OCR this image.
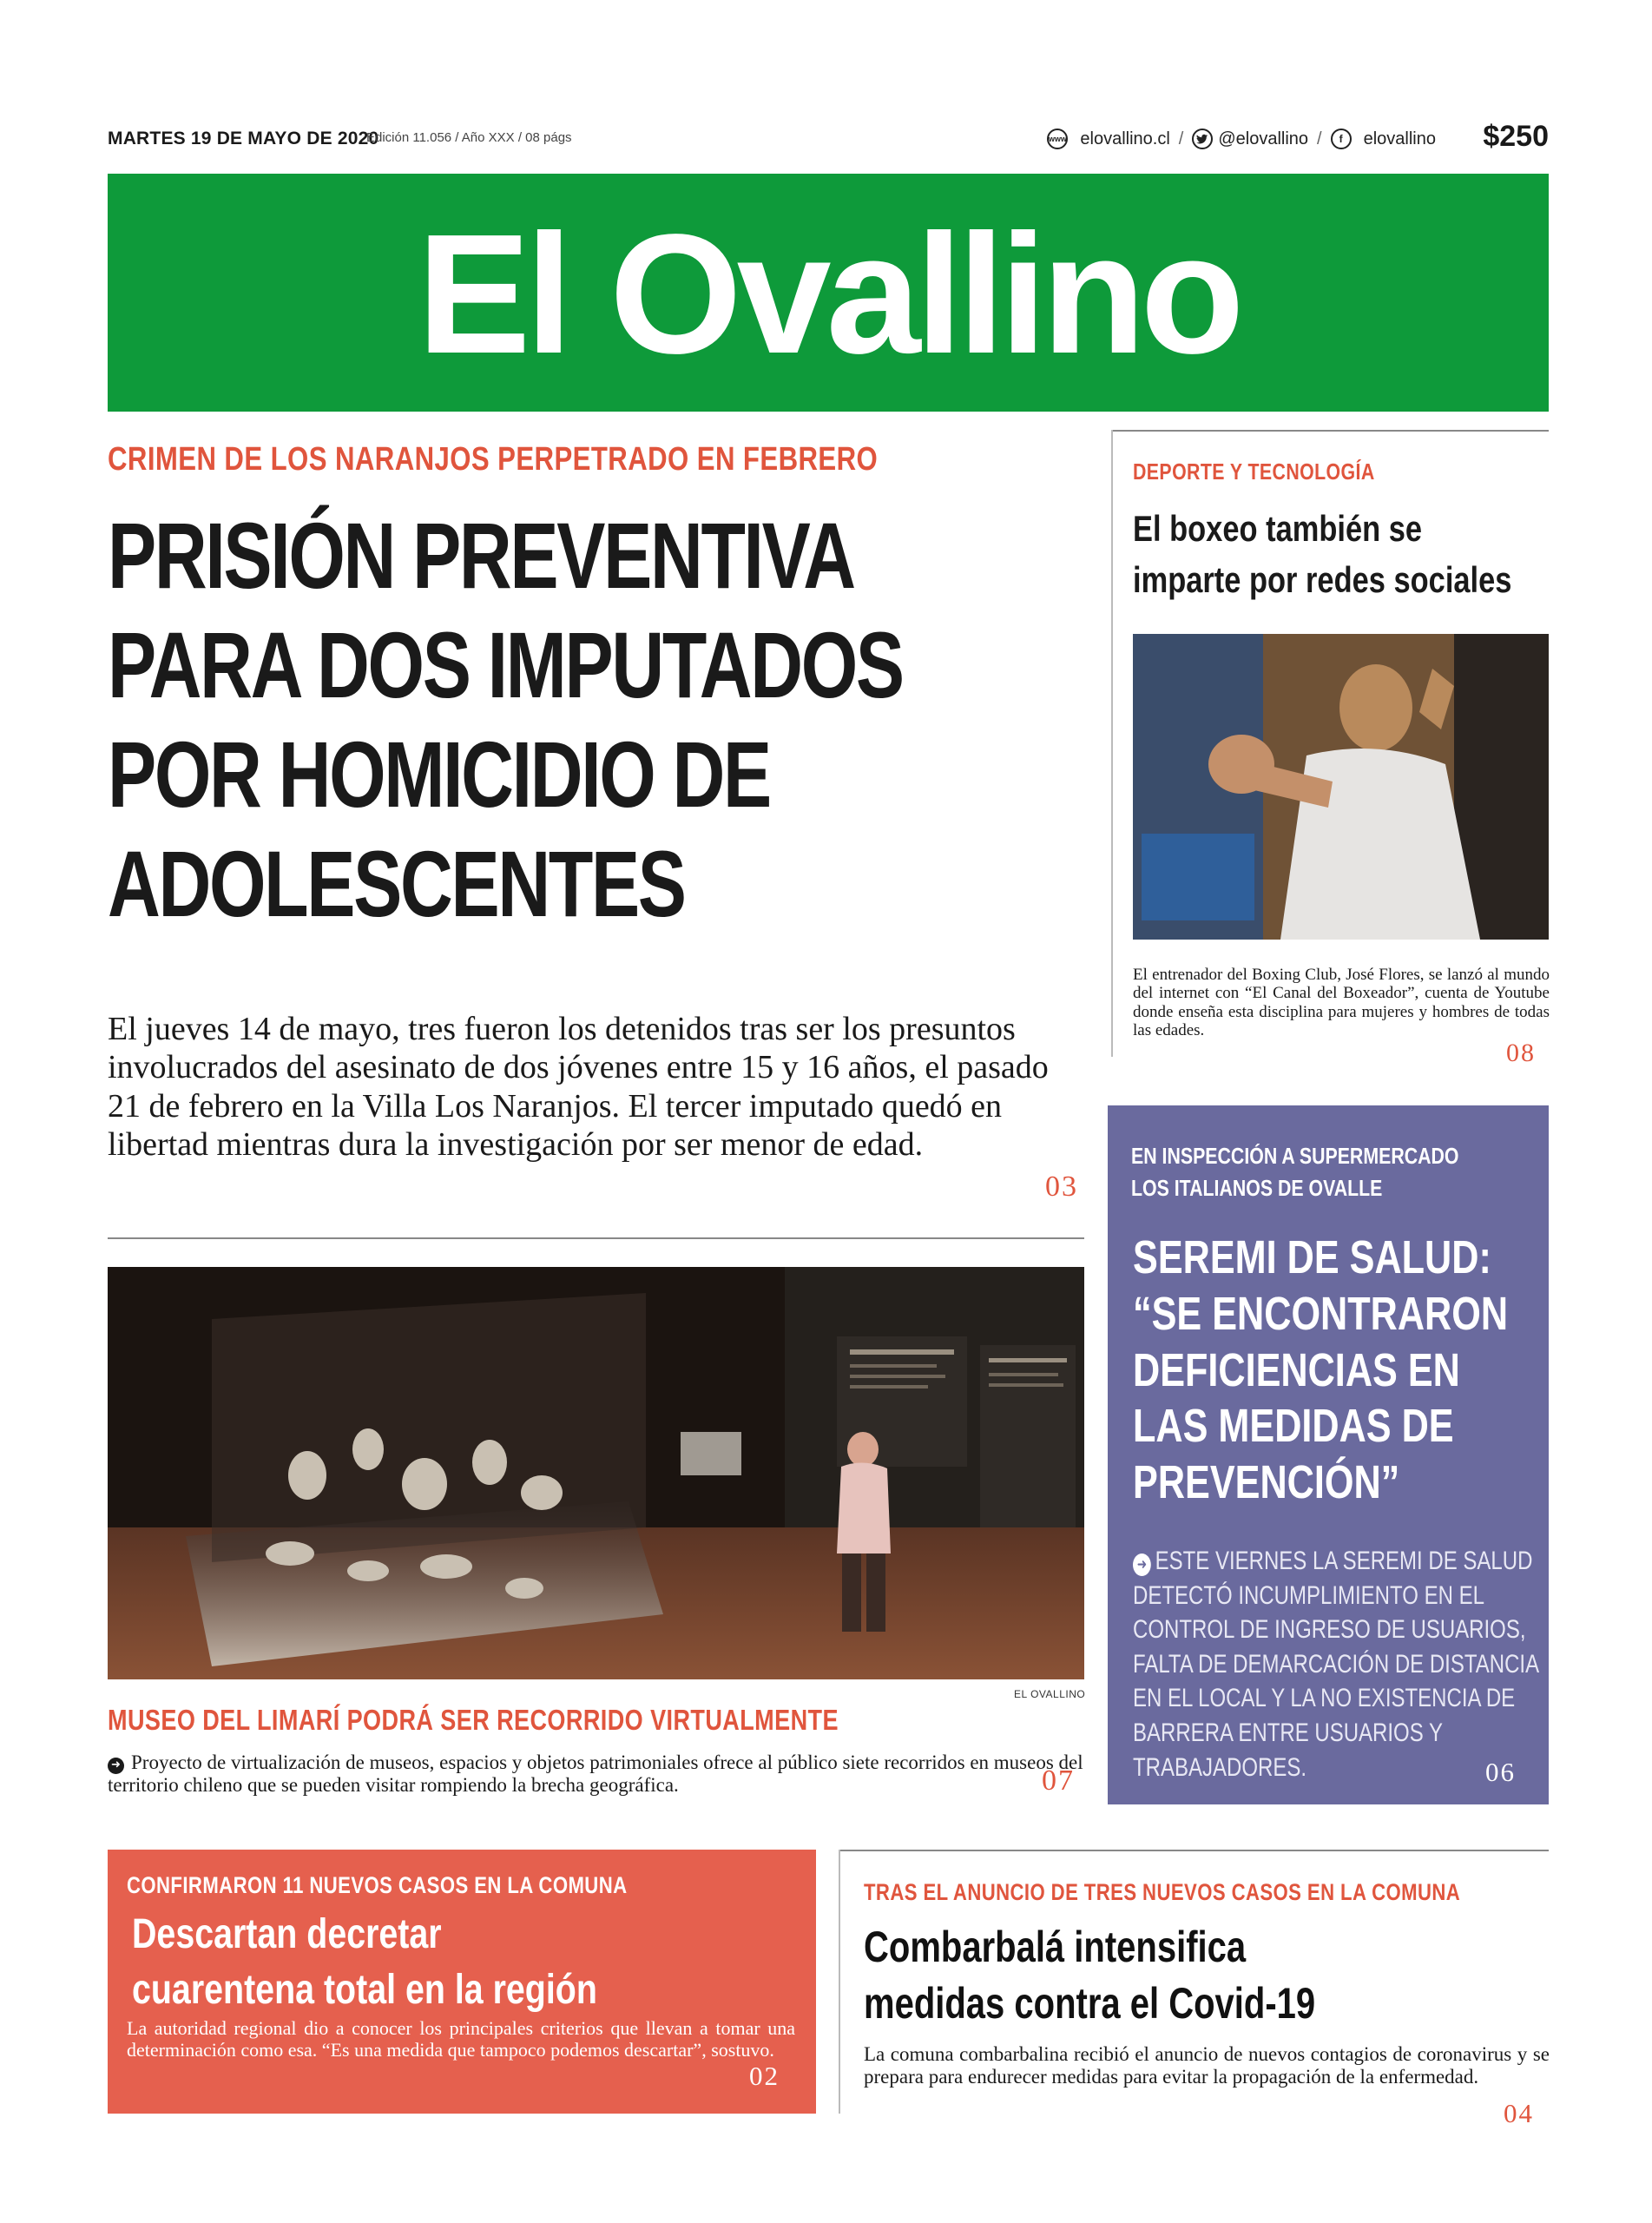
MARTES 19 DE MAYO DE 2020
Edición 11.056 / Año XXX / 08 págs	www elovallino.cl / @elovallino /	f	elovallino $250
El Ovallino
CRIMEN DE LOS NARANJOS PERPETRADO EN FEBRERO
PRISIÓN PREVENTIVA
PARA DOS IMPUTADOS
POR HOMICIDIO DE
ADOLESCENTES
El jueves 14 de mayo, tres fueron los detenidos tras ser los presuntos involucrados del asesinato de dos jóvenes entre 15 y 16 años, el pasado 21 de febrero en la Villa Los Naranjos. El tercer imputado quedó en libertad mientras dura la investigación por ser menor de edad.
03
EL OVALLINO
MUSEO DEL LIMARÍ PODRÁ SER RECORRIDO VIRTUALMENTE
➜ Proyecto de virtualización de museos, espacios y objetos patrimoniales ofrece al público siete recorridos en museos del territorio chileno que se pueden visitar rompiendo la brecha geográfica.	07
DEPORTE Y TECNOLOGÍA
El boxeo también se
imparte por redes sociales
El entrenador del Boxing Club, José Flores, se lanzó al mundo del internet con “El Canal del Boxeador”, cuenta de Youtube donde enseña esta disciplina para mujeres y hombres de todas las edades.
08
EN INSPECCIÓN A SUPERMERCADO
LOS ITALIANOS DE OVALLE
SEREMI DE SALUD:
“SE ENCONTRARON
DEFICIENCIAS EN
LAS MEDIDAS DE
PREVENCIÓN”
➜ ESTE VIERNES LA SEREMI DE SALUD DETECTÓ INCUMPLIMIENTO EN EL CONTROL DE INGRESO DE USUARIOS, FALTA DE DEMARCACIÓN DE DISTANCIA EN EL LOCAL Y LA NO EXISTENCIA DE BARRERA ENTRE USUARIOS Y TRABAJADORES.	06
CONFIRMARON 11 NUEVOS CASOS EN LA COMUNA
Descartan decretar
cuarentena total en la región
La autoridad regional dio a conocer los principales criterios que llevan a tomar una determinación como esa. “Es una medida que tampoco podemos descartar”, sostuvo.
02
TRAS EL ANUNCIO DE TRES NUEVOS CASOS EN LA COMUNA
Combarbalá intensifica
medidas contra el Covid-19
La comuna combarbalina recibió el anuncio de nuevos contagios de coronavirus y se prepara para endurecer medidas para evitar la propagación de la enfermedad.
04
